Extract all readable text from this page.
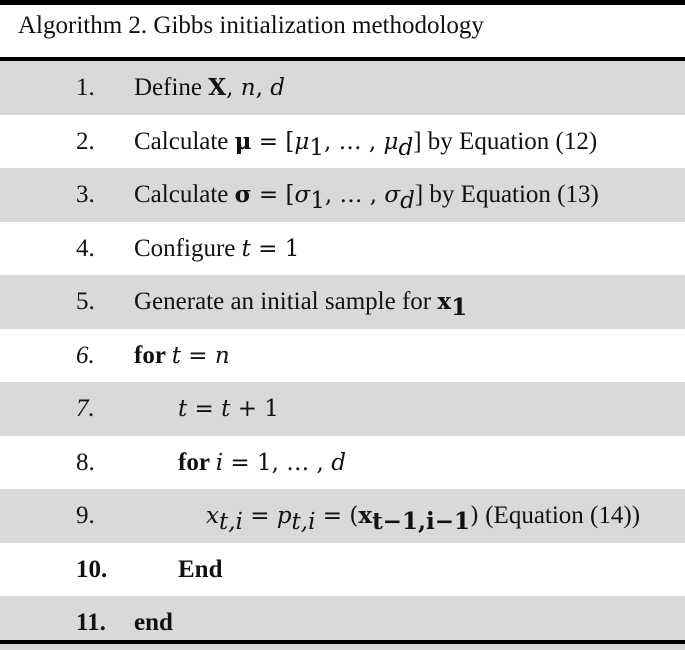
Algorithm 2. Gibbs initialization methodology
1. Define X, n, d
2. Calculate $\mu = [\mu_1$, … , $\mu_d$] by Equation (12)
3. Calculate $\sigma = [\sigma_1$, … , $\sigma_d$] by Equation (13)
4. Configure t = 1
5. Generate an initial sample for $x_1$
6. for t = n
7.	t = t + 1
8.	for i = 1, … , d
9.	$x_{t,i} = p_{t,i} = (x_{t-1,i-1})$ (Equation (14))
10.	End
11. end
